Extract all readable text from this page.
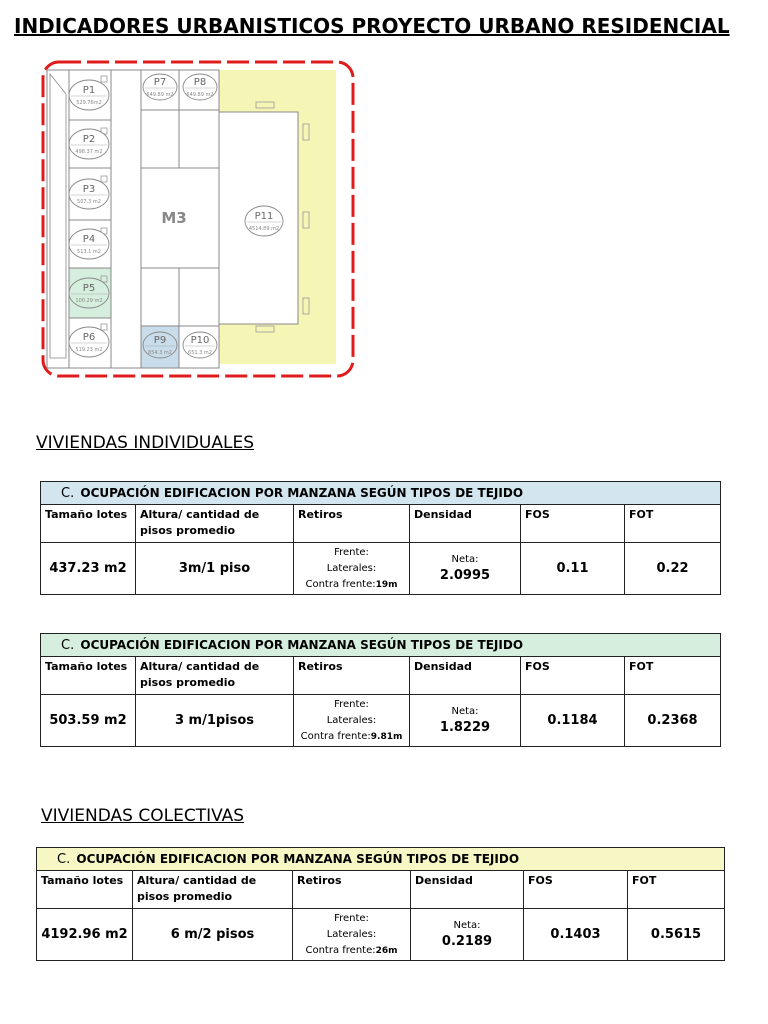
INDICADORES URBANISTICOS PROYECTO URBANO RESIDENCIAL
M3
P1
529.76m2
P2
498.37 m2
P3
507.3 m2
P4
513.1 m2
P5
100.29 m2
P6
519.23 m2
P7
649.89 m2
P8
649.89 m2
P9
854.3 m2
P10
651.3 m2
P11
4514.89 m2
VIVIENDAS INDIVIDUALES
C. OCUPACIÓN EDIFICACION POR MANZANA SEGÚN TIPOS DE TEJIDO					
Tamaño lotes	Altura/ cantidad de pisos promedio	Retiros	Densidad	FOS	FOT
437.23 m2	3m/1 piso	Frente:
Laterales:
Contra frente:19m	Neta:
2.0995	0.11	0.22
C. OCUPACIÓN EDIFICACION POR MANZANA SEGÚN TIPOS DE TEJIDO					
Tamaño lotes	Altura/ cantidad de pisos promedio	Retiros	Densidad	FOS	FOT
503.59 m2	3 m/1pisos	Frente:
Laterales:
Contra frente:9.81m	Neta:
1.8229	0.1184	0.2368
VIVIENDAS COLECTIVAS
C. OCUPACIÓN EDIFICACION POR MANZANA SEGÚN TIPOS DE TEJIDO					
Tamaño lotes	Altura/ cantidad de pisos promedio	Retiros	Densidad	FOS	FOT
4192.96 m2	6 m/2 pisos	Frente:
Laterales:
Contra frente:26m	Neta:
0.2189	0.1403	0.5615
